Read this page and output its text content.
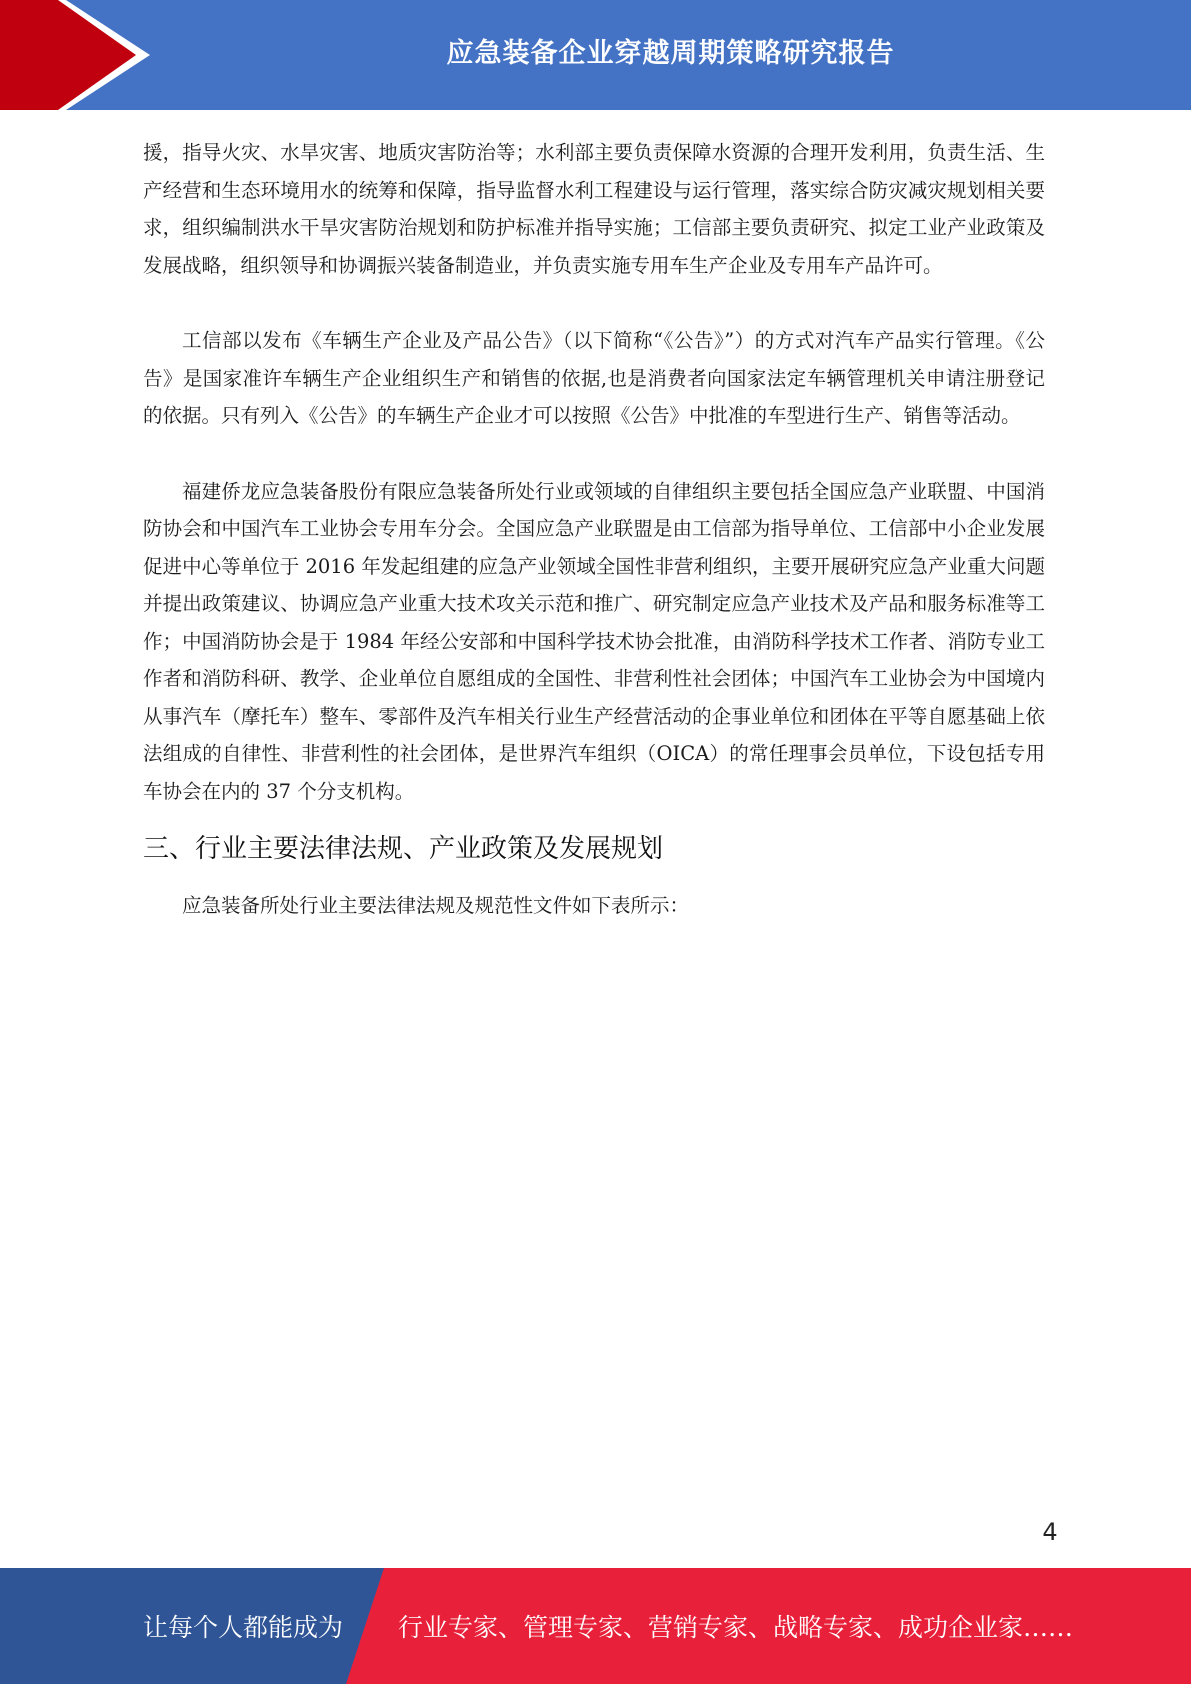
应急装备企业穿越周期策略研究报告

援，指导火灾、水旱灾害、地质灾害防治等；水利部主要负责保障水资源的合理开发利用，负责生活、生产经营和生态环境用水的统筹和保障，指导监督水利工程建设与运行管理，落实综合防灾减灾规划相关要求，组织编制洪水干旱灾害防治规划和防护标准并指导实施；工信部主要负责研究、拟定工业产业政策及发展战略，组织领导和协调振兴装备制造业，并负责实施专用车生产企业及专用车产品许可。

工信部以发布《车辆生产企业及产品公告》（以下简称“《公告》”）的方式对汽车产品实行管理。《公告》是国家准许车辆生产企业组织生产和销售的依据,也是消费者向国家法定车辆管理机关申请注册登记的依据。只有列入《公告》的车辆生产企业才可以按照《公告》中批准的车型进行生产、销售等活动。

福建侨龙应急装备股份有限应急装备所处行业或领域的自律组织主要包括全国应急产业联盟、中国消防协会和中国汽车工业协会专用车分会。全国应急产业联盟是由工信部为指导单位、工信部中小企业发展促进中心等单位于 2016 年发起组建的应急产业领域全国性非营利组织，主要开展研究应急产业重大问题并提出政策建议、协调应急产业重大技术攻关示范和推广、研究制定应急产业技术及产品和服务标准等工作；中国消防协会是于 1984 年经公安部和中国科学技术协会批准，由消防科学技术工作者、消防专业工作者和消防科研、教学、企业单位自愿组成的全国性、非营利性社会团体；中国汽车工业协会为中国境内从事汽车（摩托车）整车、零部件及汽车相关行业生产经营活动的企事业单位和团体在平等自愿基础上依法组成的自律性、非营利性的社会团体，是世界汽车组织（OICA）的常任理事会员单位，下设包括专用车协会在内的 37 个分支机构。

三、行业主要法律法规、产业政策及发展规划

应急装备所处行业主要法律法规及规范性文件如下表所示：

4
让每个人都能成为 行业专家、管理专家、营销专家、战略专家、成功企业家……
